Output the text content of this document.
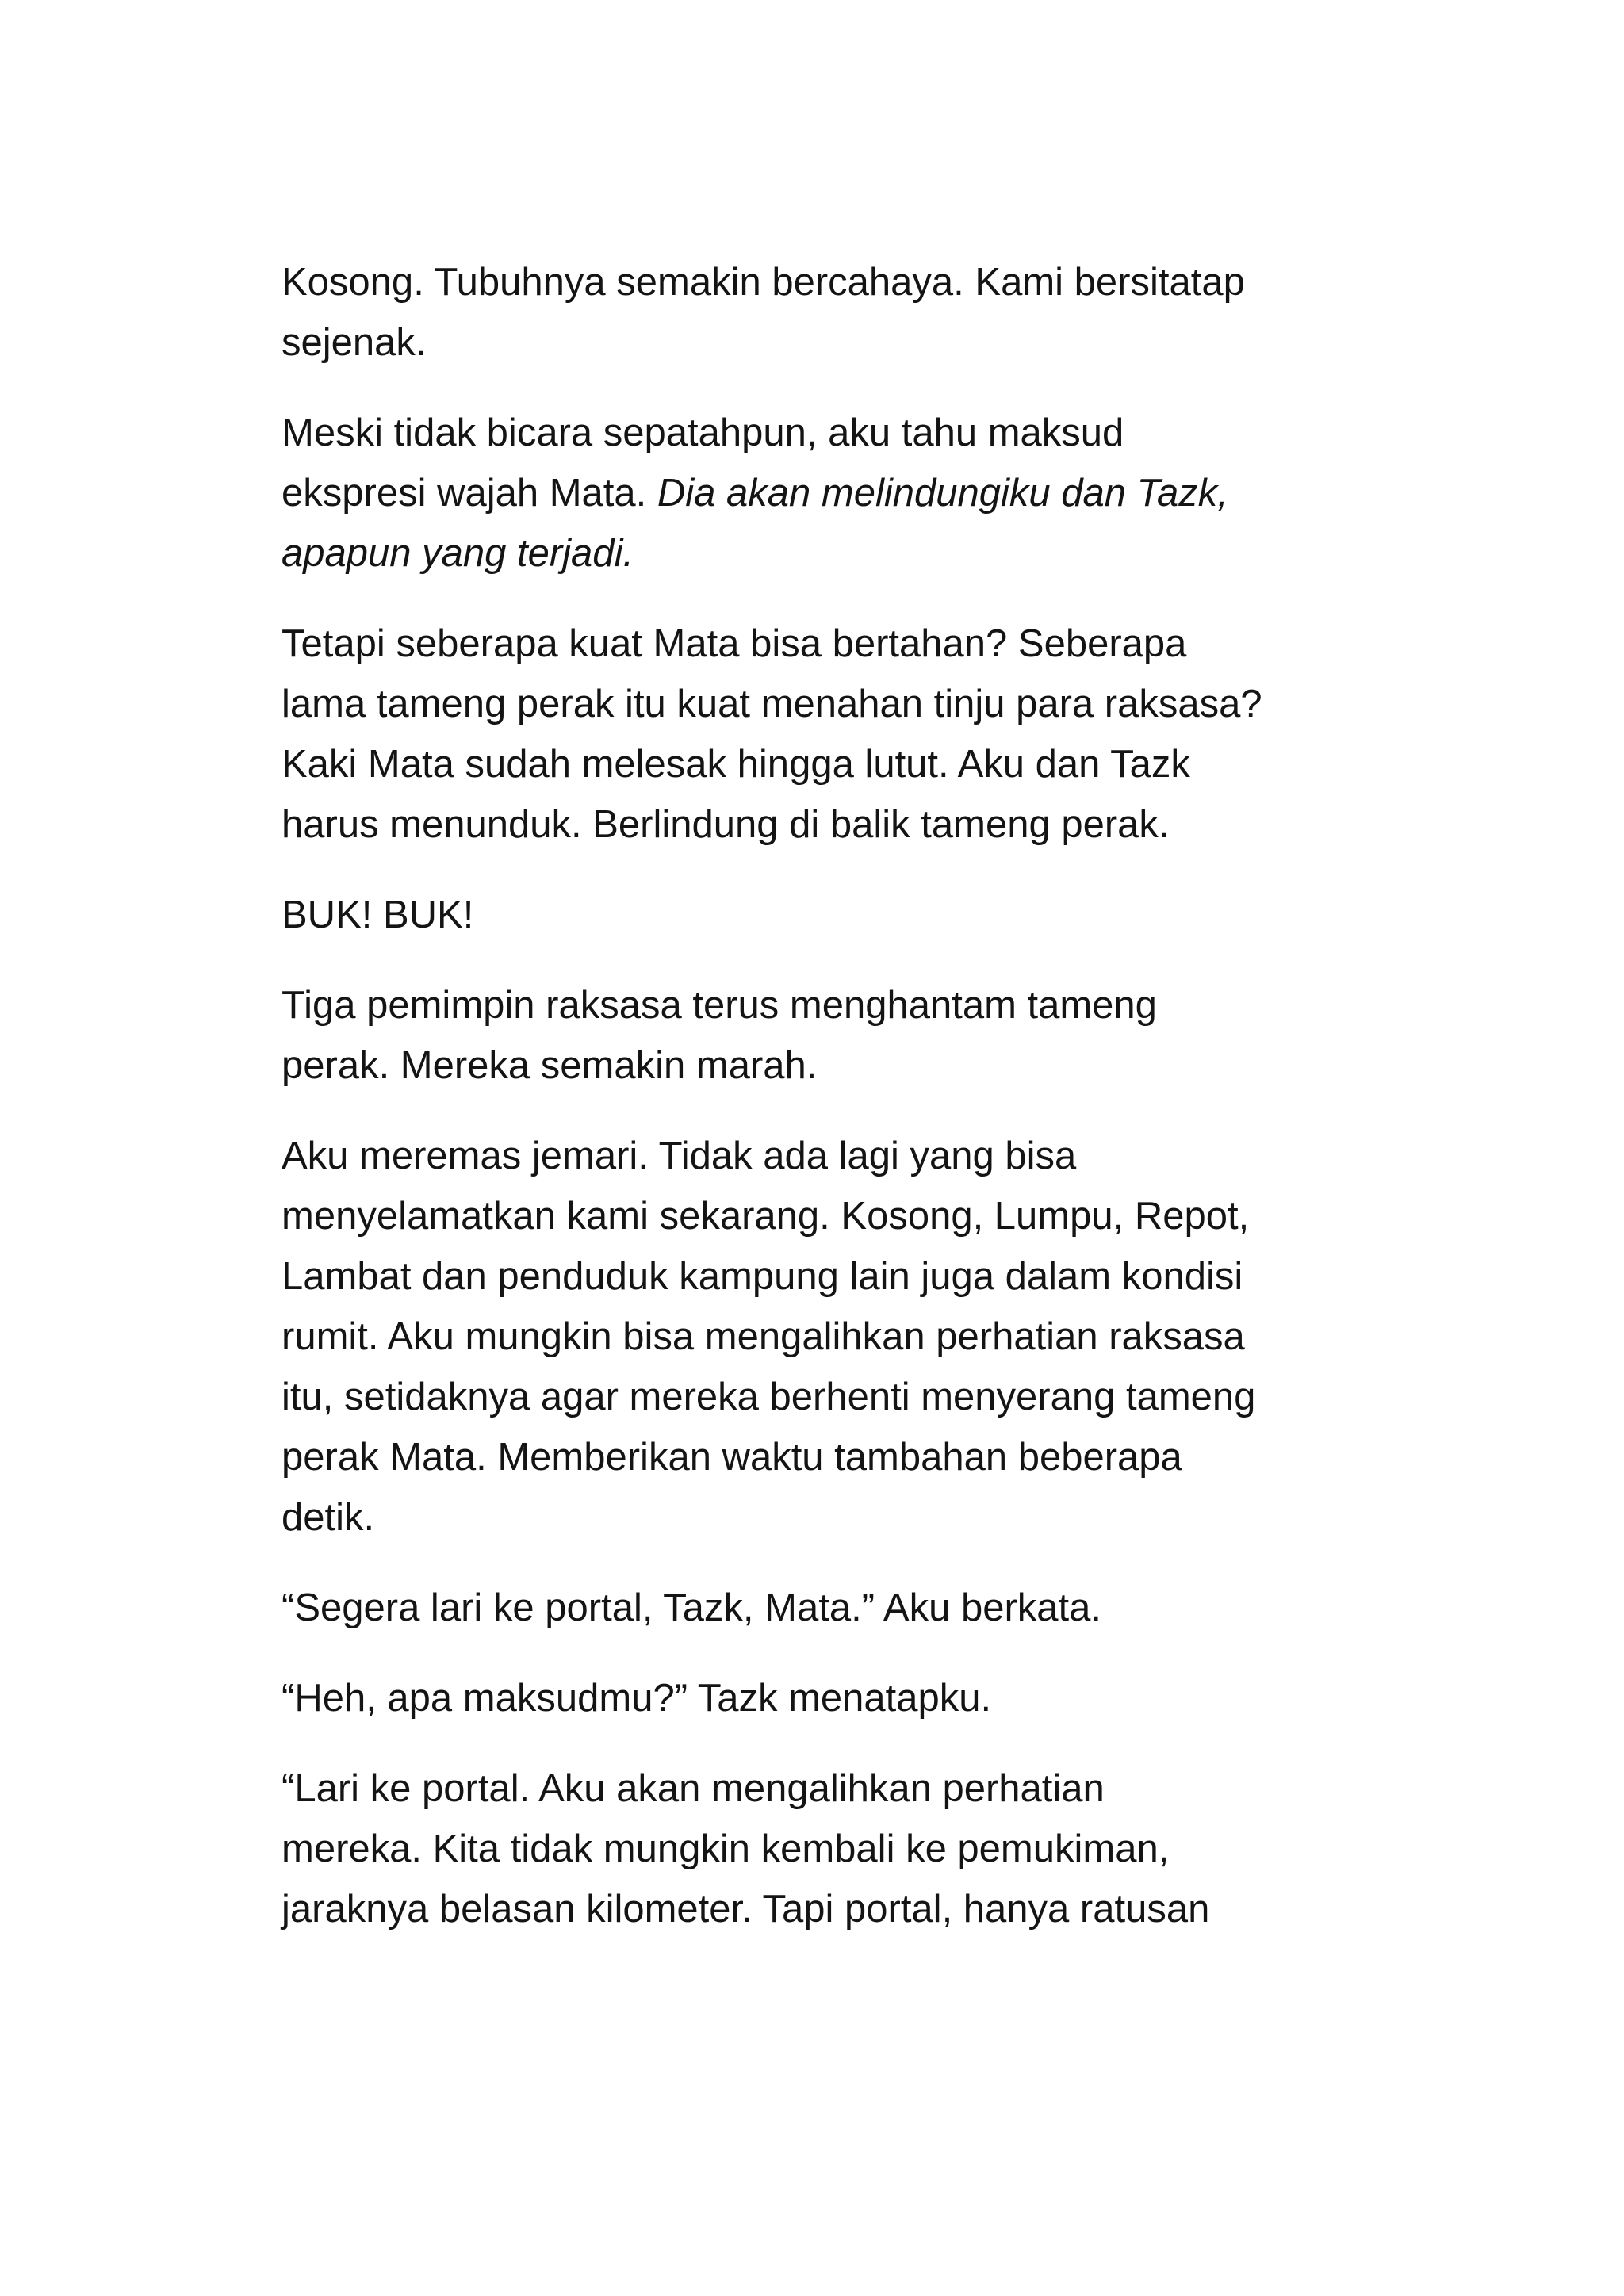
Kosong. Tubuhnya semakin bercahaya. Kami bersitatap
sejenak.

Meski tidak bicara sepatahpun, aku tahu maksud
ekspresi wajah Mata. Dia akan melindungiku dan Tazk,
apapun yang terjadi.

Tetapi seberapa kuat Mata bisa bertahan? Seberapa
lama tameng perak itu kuat menahan tinju para raksasa?
Kaki Mata sudah melesak hingga lutut. Aku dan Tazk
harus menunduk. Berlindung di balik tameng perak.

BUK! BUK!

Tiga pemimpin raksasa terus menghantam tameng
perak. Mereka semakin marah.

Aku meremas jemari. Tidak ada lagi yang bisa
menyelamatkan kami sekarang. Kosong, Lumpu, Repot,
Lambat dan penduduk kampung lain juga dalam kondisi
rumit. Aku mungkin bisa mengalihkan perhatian raksasa
itu, setidaknya agar mereka berhenti menyerang tameng
perak Mata. Memberikan waktu tambahan beberapa
detik.

“Segera lari ke portal, Tazk, Mata.” Aku berkata.

“Heh, apa maksudmu?” Tazk menatapku.

“Lari ke portal. Aku akan mengalihkan perhatian
mereka. Kita tidak mungkin kembali ke pemukiman,
jaraknya belasan kilometer. Tapi portal, hanya ratusan
